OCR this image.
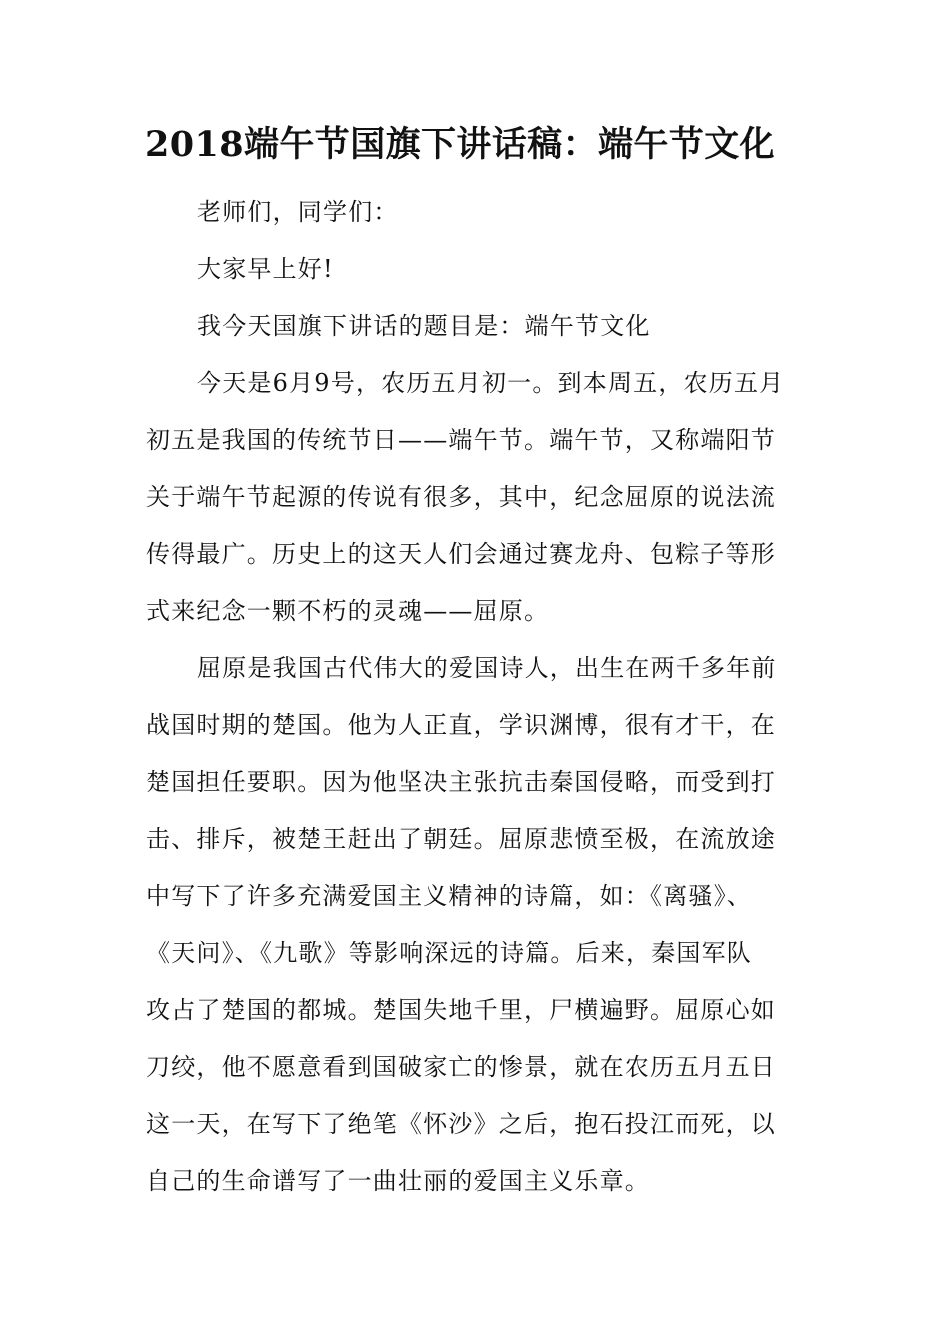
2018端午节国旗下讲话稿：端午节文化

老师们，同学们：

大家早上好!

我今天国旗下讲话的题目是：端午节文化

今天是6月9号，农历五月初一。到本周五，农历五月

初五是我国的传统节日——端午节。端午节，又称端阳节

关于端午节起源的传说有很多，其中，纪念屈原的说法流

传得最广。历史上的这天人们会通过赛龙舟、包粽子等形

式来纪念一颗不朽的灵魂——屈原。

屈原是我国古代伟大的爱国诗人，出生在两千多年前

战国时期的楚国。他为人正直，学识渊博，很有才干，在

楚国担任要职。因为他坚决主张抗击秦国侵略，而受到打

击、排斥，被楚王赶出了朝廷。屈原悲愤至极，在流放途

中写下了许多充满爱国主义精神的诗篇，如：《离骚》、

《天问》、《九歌》等影响深远的诗篇。后来，秦国军队

攻占了楚国的都城。楚国失地千里，尸横遍野。屈原心如

刀绞，他不愿意看到国破家亡的惨景，就在农历五月五日

这一天，在写下了绝笔《怀沙》之后，抱石投江而死，以

自己的生命谱写了一曲壮丽的爱国主义乐章。
